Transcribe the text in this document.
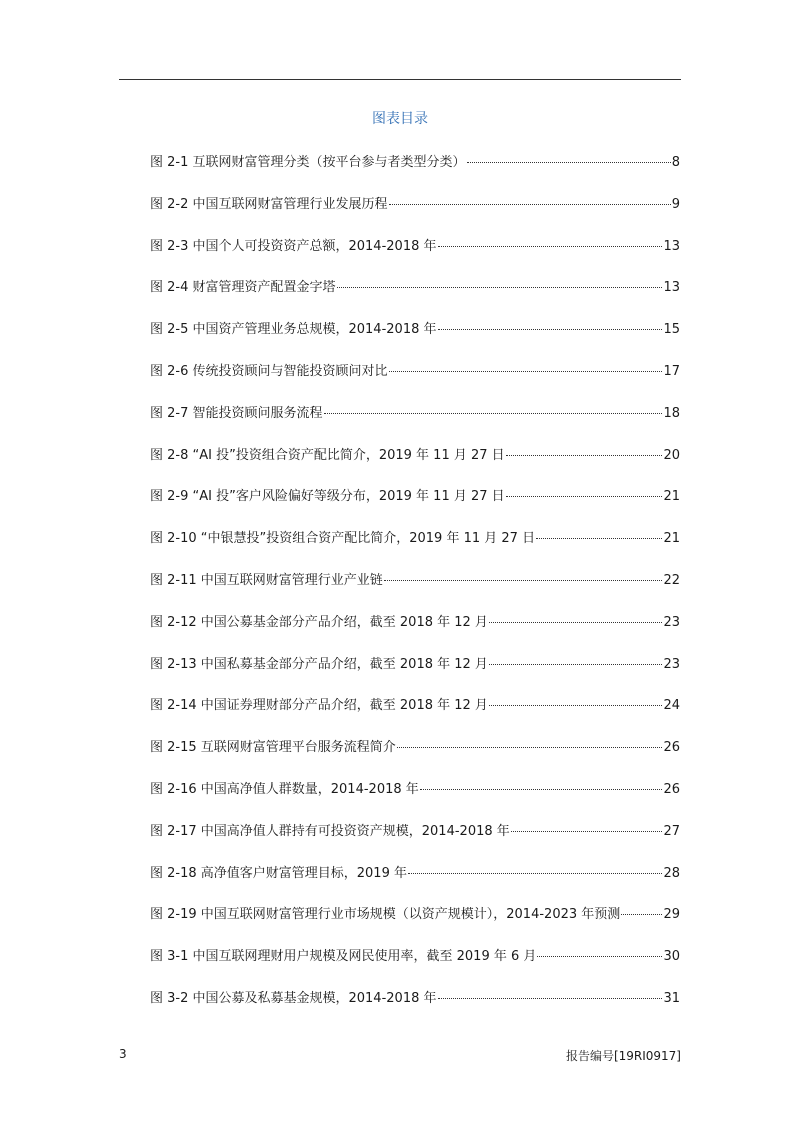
图表目录
图 2-1 互联网财富管理分类（按平台参与者类型分类）	8
图 2-2 中国互联网财富管理行业发展历程	9
图 2-3 中国个人可投资资产总额，2014-2018 年	13
图 2-4 财富管理资产配置金字塔	13
图 2-5 中国资产管理业务总规模，2014-2018 年	15
图 2-6 传统投资顾问与智能投资顾问对比	17
图 2-7 智能投资顾问服务流程	18
图 2-8 “AI 投”投资组合资产配比简介，2019 年 11 月 27 日	20
图 2-9 “AI 投”客户风险偏好等级分布，2019 年 11 月 27 日	21
图 2-10 “中银慧投”投资组合资产配比简介，2019 年 11 月 27 日	21
图 2-11 中国互联网财富管理行业产业链	22
图 2-12 中国公募基金部分产品介绍，截至 2018 年 12 月	23
图 2-13 中国私募基金部分产品介绍，截至 2018 年 12 月	23
图 2-14 中国证券理财部分产品介绍，截至 2018 年 12 月	24
图 2-15 互联网财富管理平台服务流程简介	26
图 2-16 中国高净值人群数量，2014-2018 年	26
图 2-17 中国高净值人群持有可投资资产规模，2014-2018 年	27
图 2-18 高净值客户财富管理目标，2019 年	28
图 2-19 中国互联网财富管理行业市场规模（以资产规模计），2014-2023 年预测	29
图 3-1 中国互联网理财用户规模及网民使用率，截至 2019 年 6 月	30
图 3-2 中国公募及私募基金规模，2014-2018 年	31
3	报告编号[19RI0917]
